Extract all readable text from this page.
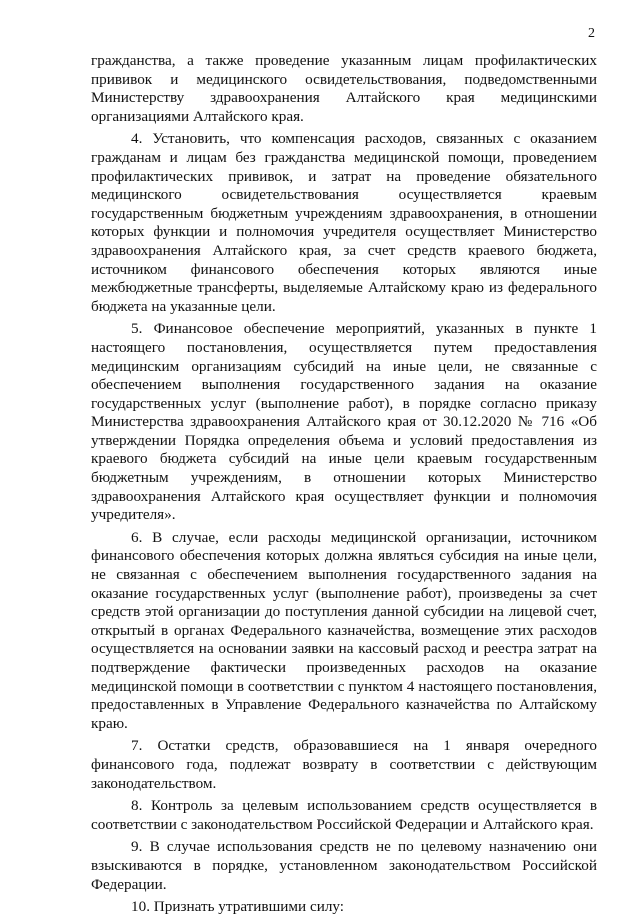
2

гражданства, а также проведение указанным лицам профилактических прививок и медицинского освидетельствования, подведомственными Министерству здравоохранения Алтайского края медицинскими организациями Алтайского края.

4. Установить, что компенсация расходов, связанных с оказанием гражданам и лицам без гражданства медицинской помощи, проведением профилактических прививок, и затрат на проведение обязательного медицинского освидетельствования осуществляется краевым государственным бюджетным учреждениям здравоохранения, в отношении которых функции и полномочия учредителя осуществляет Министерство здравоохранения Алтайского края, за счет средств краевого бюджета, источником финансового обеспечения которых являются иные межбюджетные трансферты, выделяемые Алтайскому краю из федерального бюджета на указанные цели.

5. Финансовое обеспечение мероприятий, указанных в пункте 1 настоящего постановления, осуществляется путем предоставления медицинским организациям субсидий на иные цели, не связанные с обеспечением выполнения государственного задания на оказание государственных услуг (выполнение работ), в порядке согласно приказу Министерства здравоохранения Алтайского края от 30.12.2020 № 716 «Об утверждении Порядка определения объема и условий предоставления из краевого бюджета субсидий на иные цели краевым государственным бюджетным учреждениям, в отношении которых Министерство здравоохранения Алтайского края осуществляет функции и полномочия учредителя».

6. В случае, если расходы медицинской организации, источником финансового обеспечения которых должна являться субсидия на иные цели, не связанная с обеспечением выполнения государственного задания на оказание государственных услуг (выполнение работ), произведены за счет средств этой организации до поступления данной субсидии на лицевой счет, открытый в органах Федерального казначейства, возмещение этих расходов осуществляется на основании заявки на кассовый расход и реестра затрат на подтверждение фактически произведенных расходов на оказание медицинской помощи в соответствии с пунктом 4 настоящего постановления, предоставленных в Управление Федерального казначейства по Алтайскому краю.

7. Остатки средств, образовавшиеся на 1 января очередного финансового года, подлежат возврату в соответствии с действующим законодательством.

8. Контроль за целевым использованием средств осуществляется в соответствии с законодательством Российской Федерации и Алтайского края.

9. В случае использования средств не по целевому назначению они взыскиваются в порядке, установленном законодательством Российской Федерации.

10. Признать утратившими силу:
